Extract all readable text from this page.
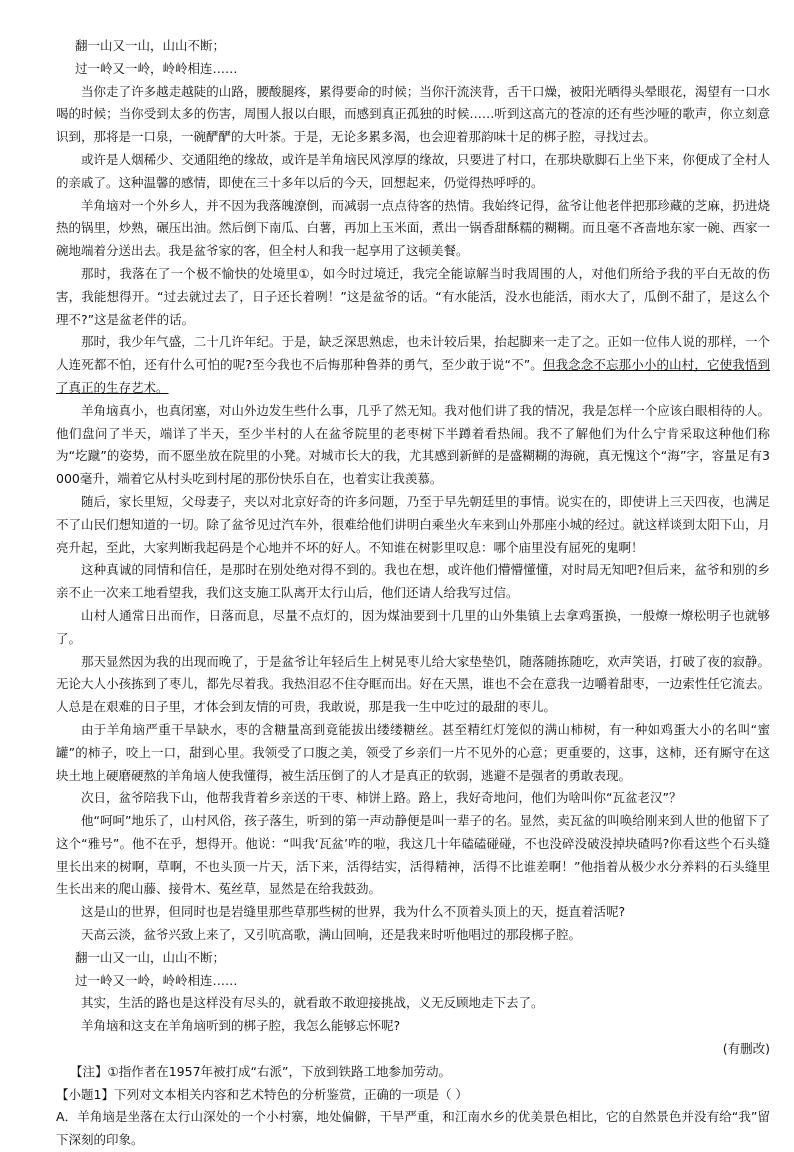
翻一山又一山，山山不断；

过一岭又一岭，岭岭相连……

当你走了许多越走越陡的山路，腰酸腿疼，累得要命的时候；当你汗流浃背，舌干口燥，被阳光晒得头晕眼花，渴望有一口水喝的时候；当你受到太多的伤害，周围人报以白眼，而感到真正孤独的时候……听到这高亢的苍凉的还有些沙哑的歌声，你立刻意识到，那将是一口泉，一碗酽酽的大叶茶。于是，无论多累多渴，也会迎着那韵味十足的梆子腔，寻找过去。

或许是人烟稀少、交通阻绝的缘故，或许是羊角垴民风淳厚的缘故，只要进了村口，在那块歇脚石上坐下来，你便成了全村人的亲戚了。这种温馨的感情，即使在三十多年以后的今天，回想起来，仍觉得热呼呼的。

羊角垴对一个外乡人，并不因为我落魄潦倒，而减弱一点点待客的热情。我始终记得，盆爷让他老伴把那珍藏的芝麻，扔进烧热的锅里，炒熟，碾压出油。然后倒下南瓜、白薯，再加上玉米面，煮出一锅香甜酥糯的糊糊。而且毫不吝啬地东家一碗、西家一碗地端着分送出去。我是盆爷家的客，但全村人和我一起享用了这顿美餐。

那时，我落在了一个极不愉快的处境里①，如今时过境迁，我完全能谅解当时我周围的人，对他们所给予我的平白无故的伤害，我能想得开。“过去就过去了，日子还长着咧！”这是盆爷的话。“有水能活，没水也能活，雨水大了，瓜倒不甜了，是这么个理不?”这是盆老伴的话。

那时，我少年气盛，二十几许年纪。于是，缺乏深思熟虑，也未计较后果，抬起脚来一走了之。正如一位伟人说的那样，一个人连死都不怕，还有什么可怕的呢?至今我也不后悔那种鲁莽的勇气，至少敢于说“不”。但我念念不忘那小小的山村，它使我悟到了真正的生存艺术。

羊角垴真小，也真闭塞，对山外边发生些什么事，几乎了然无知。我对他们讲了我的情况，我是怎样一个应该白眼相待的人。他们盘问了半天，端详了半天，至少半村的人在盆爷院里的老枣树下半蹲着看热闹。我不了解他们为什么宁肯采取这种他们称为“圪蹴”的姿势，而不愿坐放在院里的小凳。对城市长大的我，尤其感到新鲜的是盛糊糊的海碗，真无愧这个“海”字，容量足有3000毫升，端着它从村头吃到村尾的那份快乐自在，也着实让我羡慕。

随后，家长里短，父母妻子，夹以对北京好奇的许多问题，乃至于早先朝廷里的事情。说实在的，即使讲上三天四夜，也满足不了山民们想知道的一切。除了盆爷见过汽车外，很难给他们讲明白乘坐火车来到山外那座小城的经过。就这样谈到太阳下山，月亮升起，至此，大家判断我起码是个心地并不坏的好人。不知谁在树影里叹息：哪个庙里没有屈死的鬼啊！

这种真诚的同情和信任，是那时在别处绝对得不到的。我也在想，或许他们懵懵懂懂，对时局无知吧?但后来，盆爷和别的乡亲不止一次来工地看望我，我们这支施工队离开太行山后，他们还请人给我写过信。

山村人通常日出而作，日落而息，尽量不点灯的，因为煤油要到十几里的山外集镇上去拿鸡蛋换，一般燎一燎松明子也就够了。

那天显然因为我的出现而晚了，于是盆爷让年轻后生上树晃枣儿给大家垫垫饥，随落随拣随吃，欢声笑语，打破了夜的寂静。无论大人小孩拣到了枣儿，都先尽着我。我热泪忍不住夺眶而出。好在天黑，谁也不会在意我一边嚼着甜枣，一边索性任它流去。人总是在艰难的日子里，才体会到友情的可贵，我敢说，那是我一生中吃过的最甜的枣儿。

由于羊角垴严重干旱缺水，枣的含糖量高到竟能拔出缕缕糖丝。甚至精红灯笼似的满山柿树，有一种如鸡蛋大小的名叫“蜜罐”的柿子，咬上一口，甜到心里。我领受了口腹之美，领受了乡亲们一片不见外的心意；更重要的，这事，这柿，还有厮守在这块土地上硬磨硬熬的羊角垴人使我懂得，被生活压倒了的人才是真正的软弱，逃避不是强者的勇敢表现。

次日，盆爷陪我下山，他帮我背着乡亲送的干枣、柿饼上路。路上，我好奇地问，他们为啥叫你“瓦盆老汉”？

他“呵呵”地乐了，山村风俗，孩子落生，听到的第一声动静便是叫一辈子的名。显然，卖瓦盆的叫唤给刚来到人世的他留下了这个“雅号”。他不在乎，想得开。他说：“叫我‘瓦盆’咋的啦，我这几十年磕磕碰碰，不也没碎没破没掉块碴吗?你看这些个石头缝里长出来的树啊，草啊，不也头顶一片天，活下来，活得结实，活得精神，活得不比谁差啊！”他指着从极少水分养料的石头缝里生长出来的爬山藤、接骨木、菟丝草，显然是在给我鼓劲。

这是山的世界，但同时也是岩缝里那些草那些树的世界，我为什么不顶着头顶上的天，挺直着活呢?

天高云淡，盆爷兴致上来了，又引吭高歌，满山回响，还是我来时听他唱过的那段梆子腔。

翻一山又一山，山山不断；

过一岭又一岭，岭岭相连……

其实，生活的路也是这样没有尽头的，就看敢不敢迎接挑战，义无反顾地走下去了。

羊角垴和这支在羊角垴听到的梆子腔，我怎么能够忘怀呢?

(有删改)

【注】①指作者在1957年被打成“右派”，下放到铁路工地参加劳动。

【小题1】下列对文本相关内容和艺术特色的分析鉴赏，正确的一项是（ ）

A．羊角垴是坐落在太行山深处的一个小村寨，地处偏僻，干旱严重，和江南水乡的优美景色相比，它的自然景色并没有给“我”留下深刻的印象。
